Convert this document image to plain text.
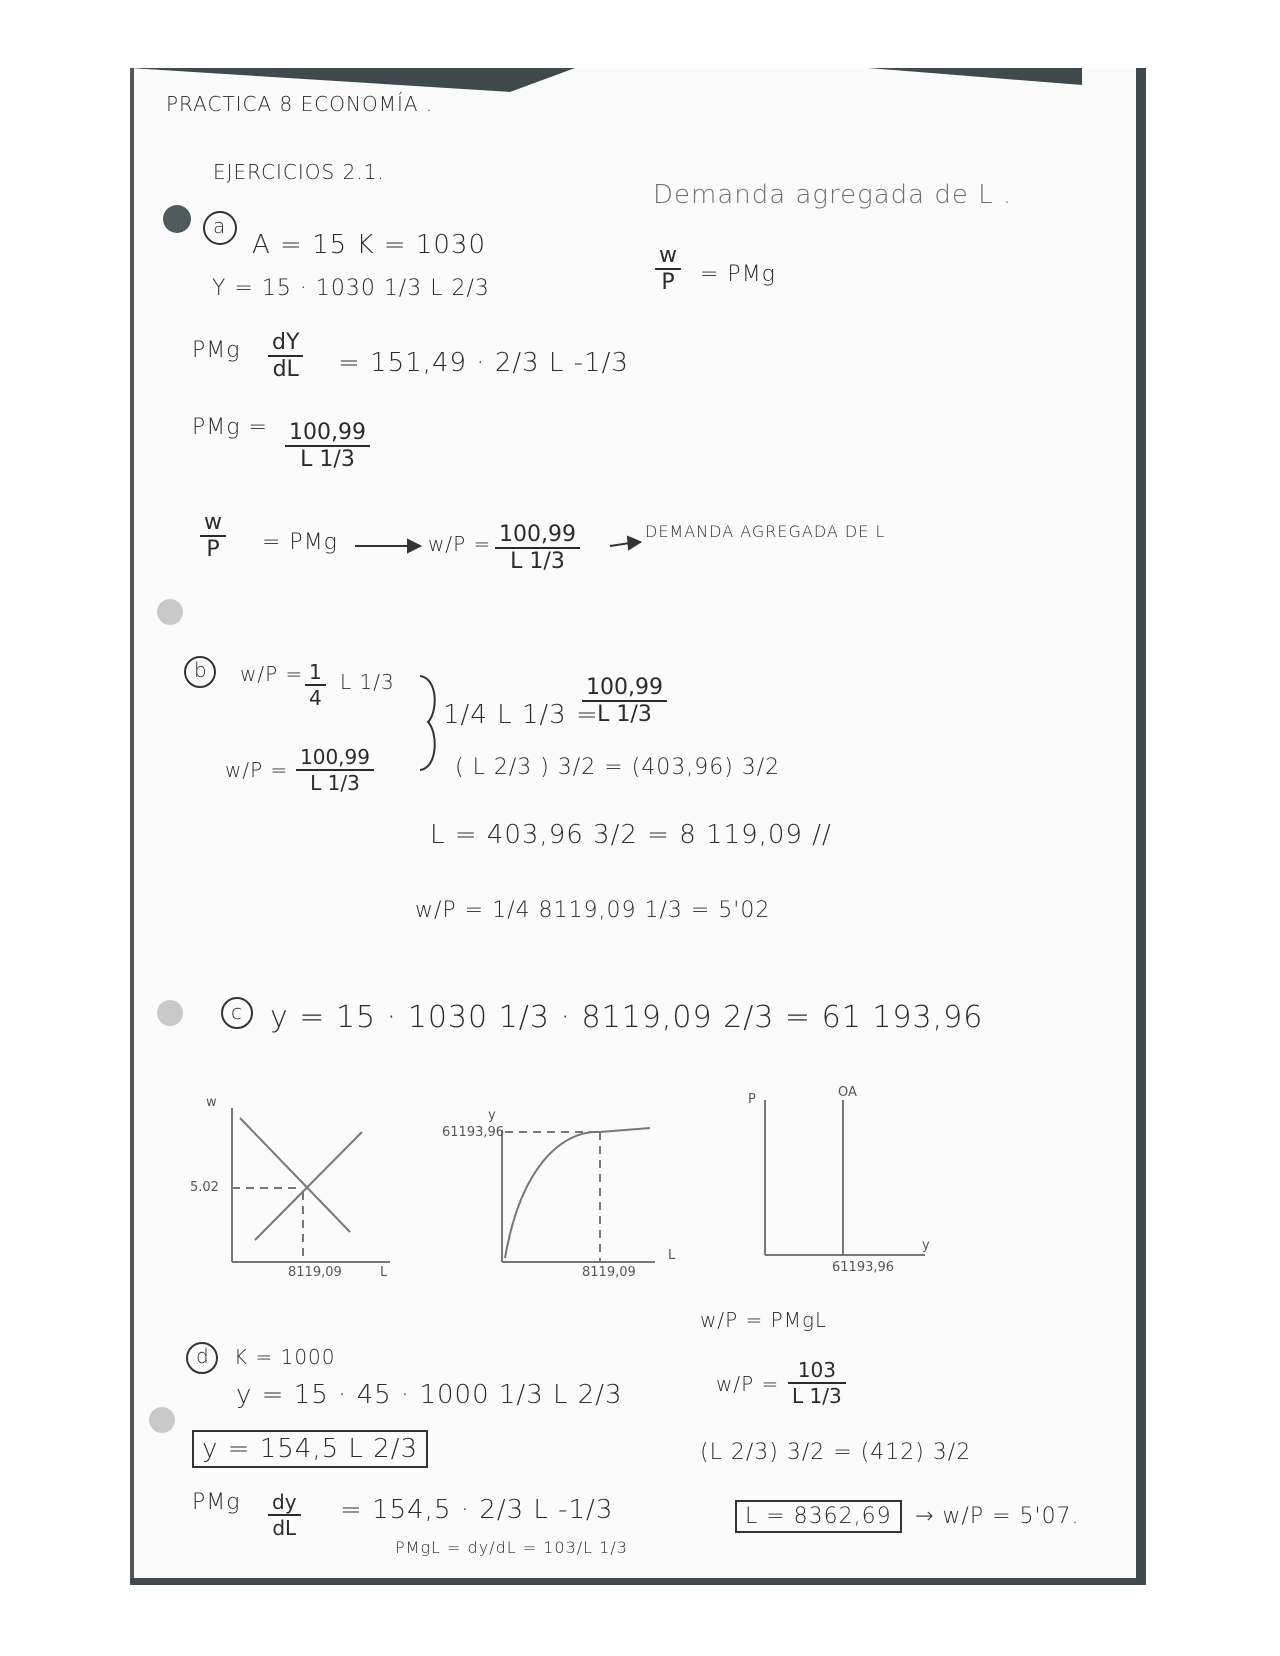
PRACTICA 8 ECONOMÍA .
EJERCICIOS 2.1.
Demanda agregada de L .
$\frac{w}{P}$ = PMg
a
A = 15 K = 1030
Y = 15 · 1030 1/3 L 2/3
PMg $\frac{dY}{dL} = 151,49 \cdot 2/3$ L -1/3
PMg = $\frac{100,99}{L 1/3}$
$\frac{w}{P}$ = PMg	$w/P = \frac{100,99}{L 1/3}$	DEMANDA AGREGADA DE L
b $w/P = \frac{1}{4}$ L 1/3
$w/P = \frac{100,99}{L 1/3}$
1/4 L 1/3 =
$\frac{100,99}{L 1/3}$
( L 2/3 ) 3/2 = (403,96) 3/2
L = 403,96 3/2 = 8 119,09 //
w/P = 1/4 8119,09 1/3 = 5'02
c y = 15 · 1030 1/3 · 8119,09 2/3 = 61 193,96
w
5.02
8119,09	L
y
61193,96
8119,09
L
P	OA
61193,96
y
d K = 1000
y = 15 · 45 · 1000 1/3 L 2/3
y = 154,5 L 2/3
PMg $\frac{dy}{dL} = 154,5 \cdot 2/3$ L -1/3
PMgL = dy/dL = 103/L 1/3
w/P = PMgL
$w/P = \frac{103}{L 1/3}$
(L 2/3) 3/2 = (412) 3/2
L = 8362,69	→ w/P = 5'07.
